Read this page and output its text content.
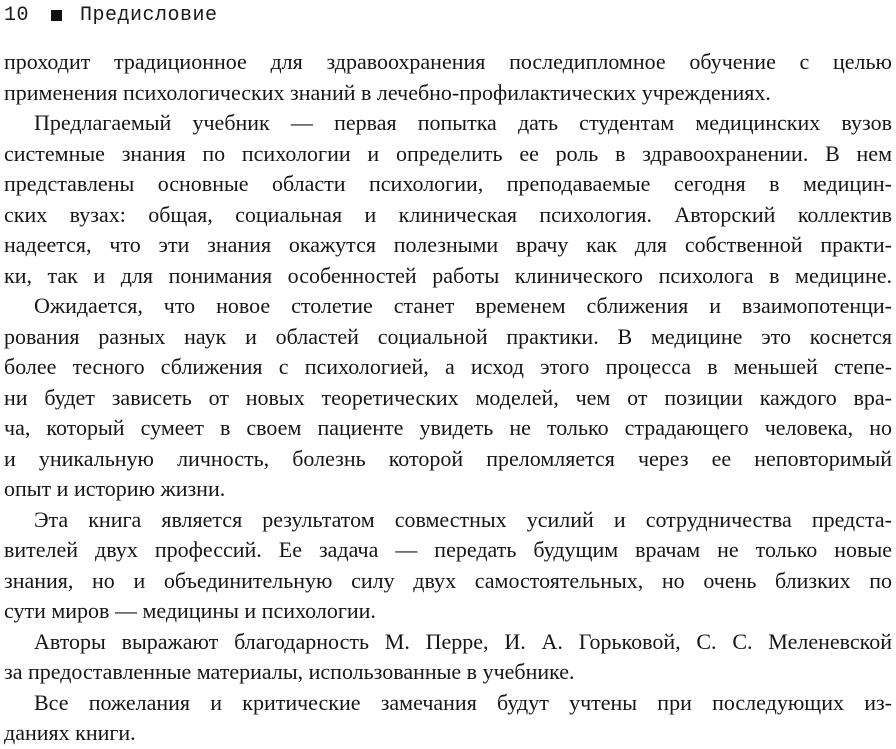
10	Предисловие
проходит традиционное для здравоохранения последипломное обучение с целью
применения психологических знаний в лечебно-профилактических учреждениях.
Предлагаемый учебник — первая попытка дать студентам медицинских вузов
системные знания по психологии и определить ее роль в здравоохранении. В нем
представлены основные области психологии, преподаваемые сегодня в медицин-
ских вузах: общая, социальная и клиническая психология. Авторский коллектив
надеется, что эти знания окажутся полезными врачу как для собственной практи-
ки, так и для понимания особенностей работы клинического психолога в медицине.
Ожидается, что новое столетие станет временем сближения и взаимопотенци-
рования разных наук и областей социальной практики. В медицине это коснется
более тесного сближения с психологией, а исход этого процесса в меньшей степе-
ни будет зависеть от новых теоретических моделей, чем от позиции каждого вра-
ча, который сумеет в своем пациенте увидеть не только страдающего человека, но
и уникальную личность, болезнь которой преломляется через ее неповторимый
опыт и историю жизни.
Эта книга является результатом совместных усилий и сотрудничества предста-
вителей двух профессий. Ее задача — передать будущим врачам не только новые
знания, но и объединительную силу двух самостоятельных, но очень близких по
сути миров — медицины и психологии.
Авторы выражают благодарность М. Перре, И. А. Горьковой, С. С. Меленевской
за предоставленные материалы, использованные в учебнике.
Все пожелания и критические замечания будут учтены при последующих из-
даниях книги.
